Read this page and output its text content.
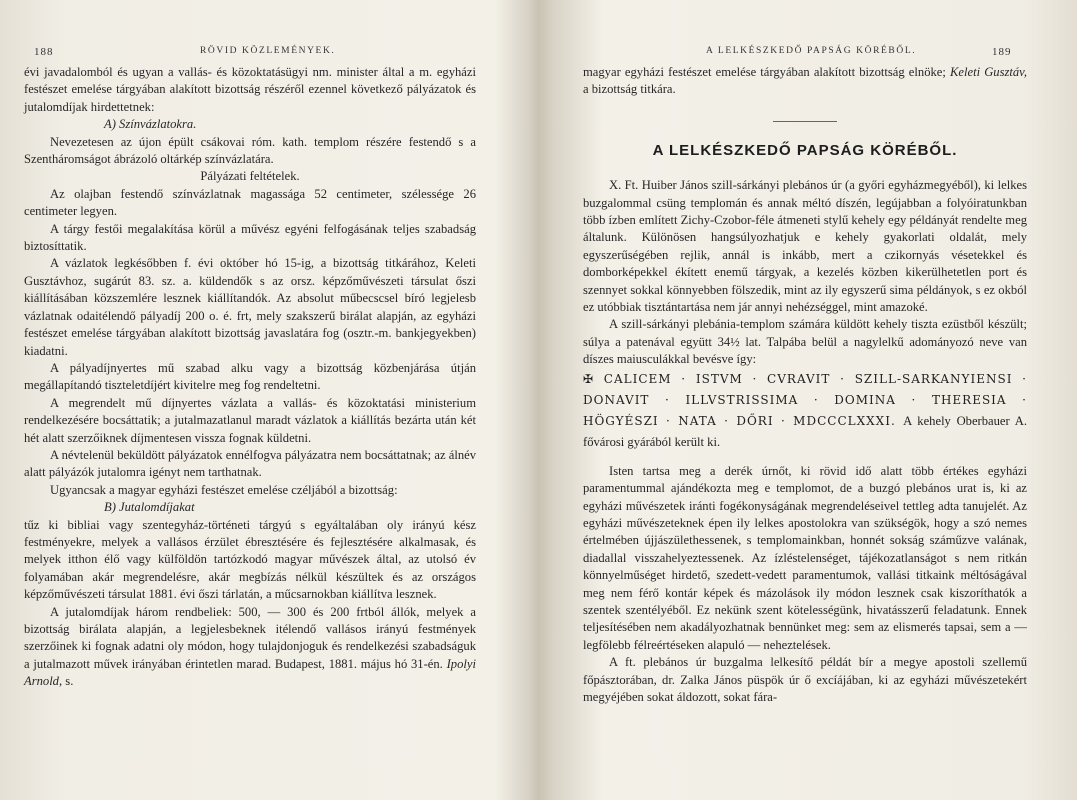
188	RÖVID KÖZLEMÉNYEK.

évi javadalomból és ugyan a vallás- és közoktatásügyi nm. minister által a m. egyházi festészet emelése tárgyában alakított bizottság részéről ezennel következő pályázatok és jutalomdíjak hirdettetnek:

A) Színvázlatokra.

Nevezetesen az újon épült csákovai róm. kath. templom részére festendő s a Szentháromságot ábrázoló oltárkép színvázlatára.

Pályázati feltételek.

Az olajban festendő színvázlatnak magassága 52 centimeter, szélessége 26 centimeter legyen.

A tárgy festői megalakítása körül a művész egyéni felfogásának teljes szabadság biztosíttatik.

A vázlatok legkésőbben f. évi október hó 15-ig, a bizottság titkárához, Keleti Gusztávhoz, sugárút 83. sz. a. küldendők s az orsz. képzőművészeti társulat őszi kiállításában közszemlére lesznek kiállítandók. Az absolut műbecscsel bíró legjelesb vázlatnak odaitélendő pályadíj 200 o. é. frt, mely szakszerű birálat alapján, az egyházi festészet emelése tárgyában alakított bizottság javaslatára fog (osztr.-m. bankjegyekben) kiadatni.

A pályadíjnyertes mű szabad alku vagy a bizottság közbenjárása útján megállapítandó tiszteletdíjért kivitelre meg fog rendeltetni.

A megrendelt mű díjnyertes vázlata a vallás- és közoktatási ministerium rendelkezésére bocsáttatik; a jutalmazatlanul maradt vázlatok a kiállítás bezárta után két hét alatt szerzőiknek díjmentesen vissza fognak küldetni.

A névtelenül beküldött pályázatok ennélfogva pályázatra nem bocsáttatnak; az álnév alatt pályázók jutalomra igényt nem tarthatnak.

Ugyancsak a magyar egyházi festészet emelése czéljából a bizottság:

B) Jutalomdíjakat

tűz ki bibliai vagy szentegyház-történeti tárgyú s egyáltalában oly irányú kész festményekre, melyek a vallásos érzület ébresztésére és fejlesztésére alkalmasak, és melyek itthon élő vagy külföldön tartózkodó magyar művészek által, az utolsó év folyamában akár megrendelésre, akár megbízás nélkül készültek és az országos képzőművészeti társulat 1881. évi őszi tárlatán, a műcsarnokban kiállítva lesznek.

A jutalomdíjak három rendbeliek: 500, — 300 és 200 frtból állók, melyek a bizottság birálata alapján, a legjelesbeknek itélendő vallásos irányú festmények szerzőinek ki fognak adatni oly módon, hogy tulajdonjoguk és rendelkezési szabadságuk a jutalmazott művek irányában érintetlen marad. Budapest, 1881. május hó 31-én. Ipolyi Arnold, s.

A LELKÉSZKEDŐ PAPSÁG KÖRÉBŐL.	189

magyar egyházi festészet emelése tárgyában alakított bizottság elnöke; Keleti Gusztáv, a bizottság titkára.

A LELKÉSZKEDŐ PAPSÁG KÖRÉBŐL.

X. Ft. Huiber János szill-sárkányi plebános úr (a győri egyházmegyéből), ki lelkes buzgalommal csüng templomán és annak méltó díszén, legújabban a folyóiratunkban több ízben említett Zichy-Czobor-féle átmeneti stylű kehely egy példányát rendelte meg általunk. Különösen hangsúlyozhatjuk e kehely gyakorlati oldalát, mely egyszerűségében rejlik, annál is inkább, mert a czikornyás vésetekkel és domborképekkel ékített enemű tárgyak, a kezelés közben kikerülhetetlen port és szennyet sokkal könnyebben fölszedik, mint az ily egyszerű sima példányok, s ez okból ez utóbbiak tisztántartása nem jár annyi nehézséggel, mint amazoké.

A szill-sárkányi plebánia-templom számára küldött kehely tiszta ezüstből készült; súlya a patenával együtt 34½ lat. Talpába belül a nagylelkű adományozó neve van díszes maiusculákkal bevésve így:

✠ CALICEM · ISTVM · CVRAVIT · SZILL-SARKANYIENSI · DONAVIT · ILLVSTRISSIMA · DOMINA · THERESIA · HÖGYÉSZI · NATA · DŐRI · MDCCCLXXXI. A kehely Oberbauer A. fővárosi gyárából került ki.

Isten tartsa meg a derék úrnőt, ki rövid idő alatt több értékes egyházi paramentummal ajándékozta meg e templomot, de a buzgó plebános urat is, ki az egyházi művészetek iránti fogékonyságának megrendeléseivel tettleg adta tanujelét. Az egyházi művészeteknek épen ily lelkes apostolokra van szükségök, hogy a szó nemes értelmében újjászülethessenek, s templomainkban, honnét sokság száműzve valának, diadallal visszahelyeztessenek. Az ízléstelenséget, tájékozatlanságot s nem ritkán könnyelműséget hirdető, szedett-vedett paramentumok, vallási titkaink méltóságával meg nem férő kontár képek és mázolások ily módon lesznek csak kiszoríthatók a szentek szentélyéből. Ez nekünk szent kötelességünk, hivatásszerű feladatunk. Ennek teljesítésében nem akadályozhatnak bennünket meg: sem az elismerés tapsai, sem a — legfölebb félreértéseken alapuló — neheztelések.

A ft. plebános úr buzgalma lelkesítő példát bír a megye apostoli szellemű főpásztorában, dr. Zalka János püspök úr ő excíájában, ki az egyházi művészetekért megyéjében sokat áldozott, sokat fára-
